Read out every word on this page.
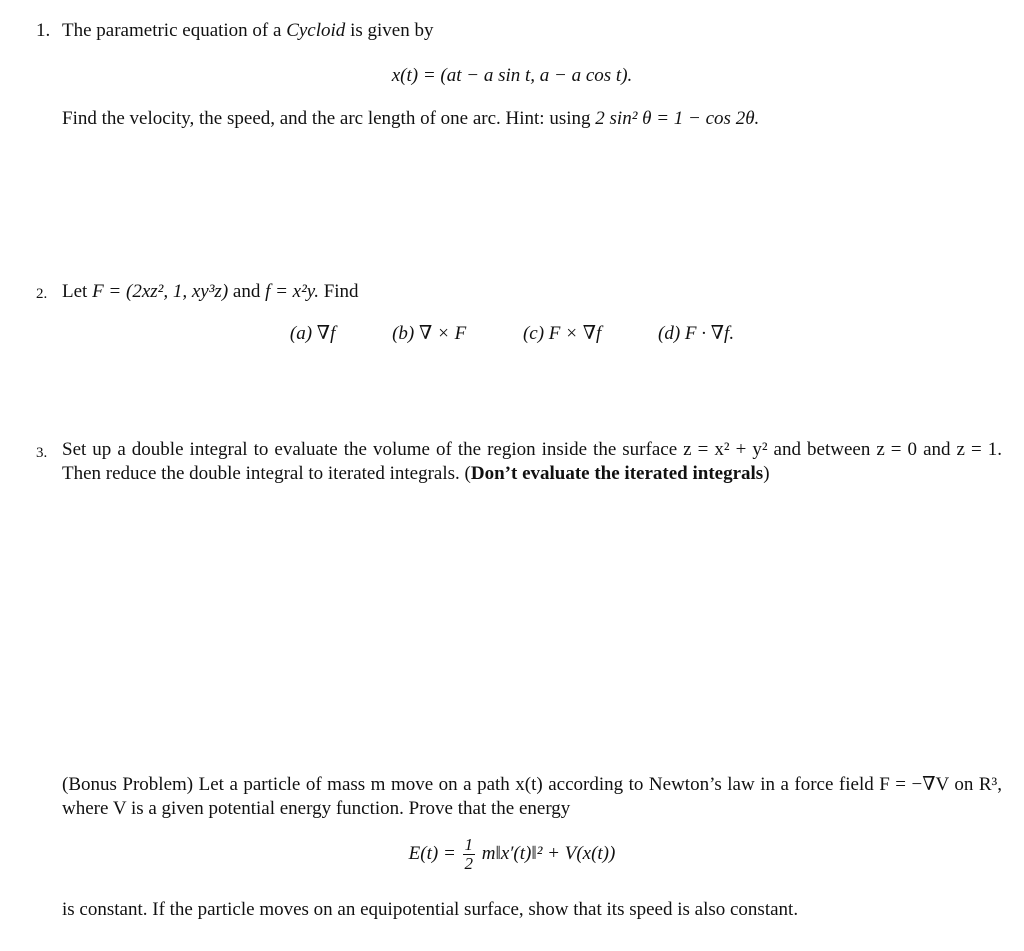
1. The parametric equation of a Cycloid is given by
x(t) = (at − a sin t, a − a cos t).
Find the velocity, the speed, and the arc length of one arc. Hint: using 2 sin² θ = 1 − cos 2θ.
2. Let F = (2xz², 1, xy³z) and f = x²y. Find
(a) ∇f	(b) ∇ × F	(c) F × ∇f	(d) F · ∇f.
3. Set up a double integral to evaluate the volume of the region inside the surface z = x² + y² and between z = 0 and z = 1. Then reduce the double integral to iterated integrals. (Don’t evaluate the iterated integrals)
(Bonus Problem) Let a particle of mass m move on a path x(t) according to Newton’s law in a force field F = −∇V on R³, where V is a given potential energy function. Prove that the energy
$E(t) = \frac{1}{2}$ m‖x′(t)‖² + V(x(t))
is constant. If the particle moves on an equipotential surface, show that its speed is also constant.
